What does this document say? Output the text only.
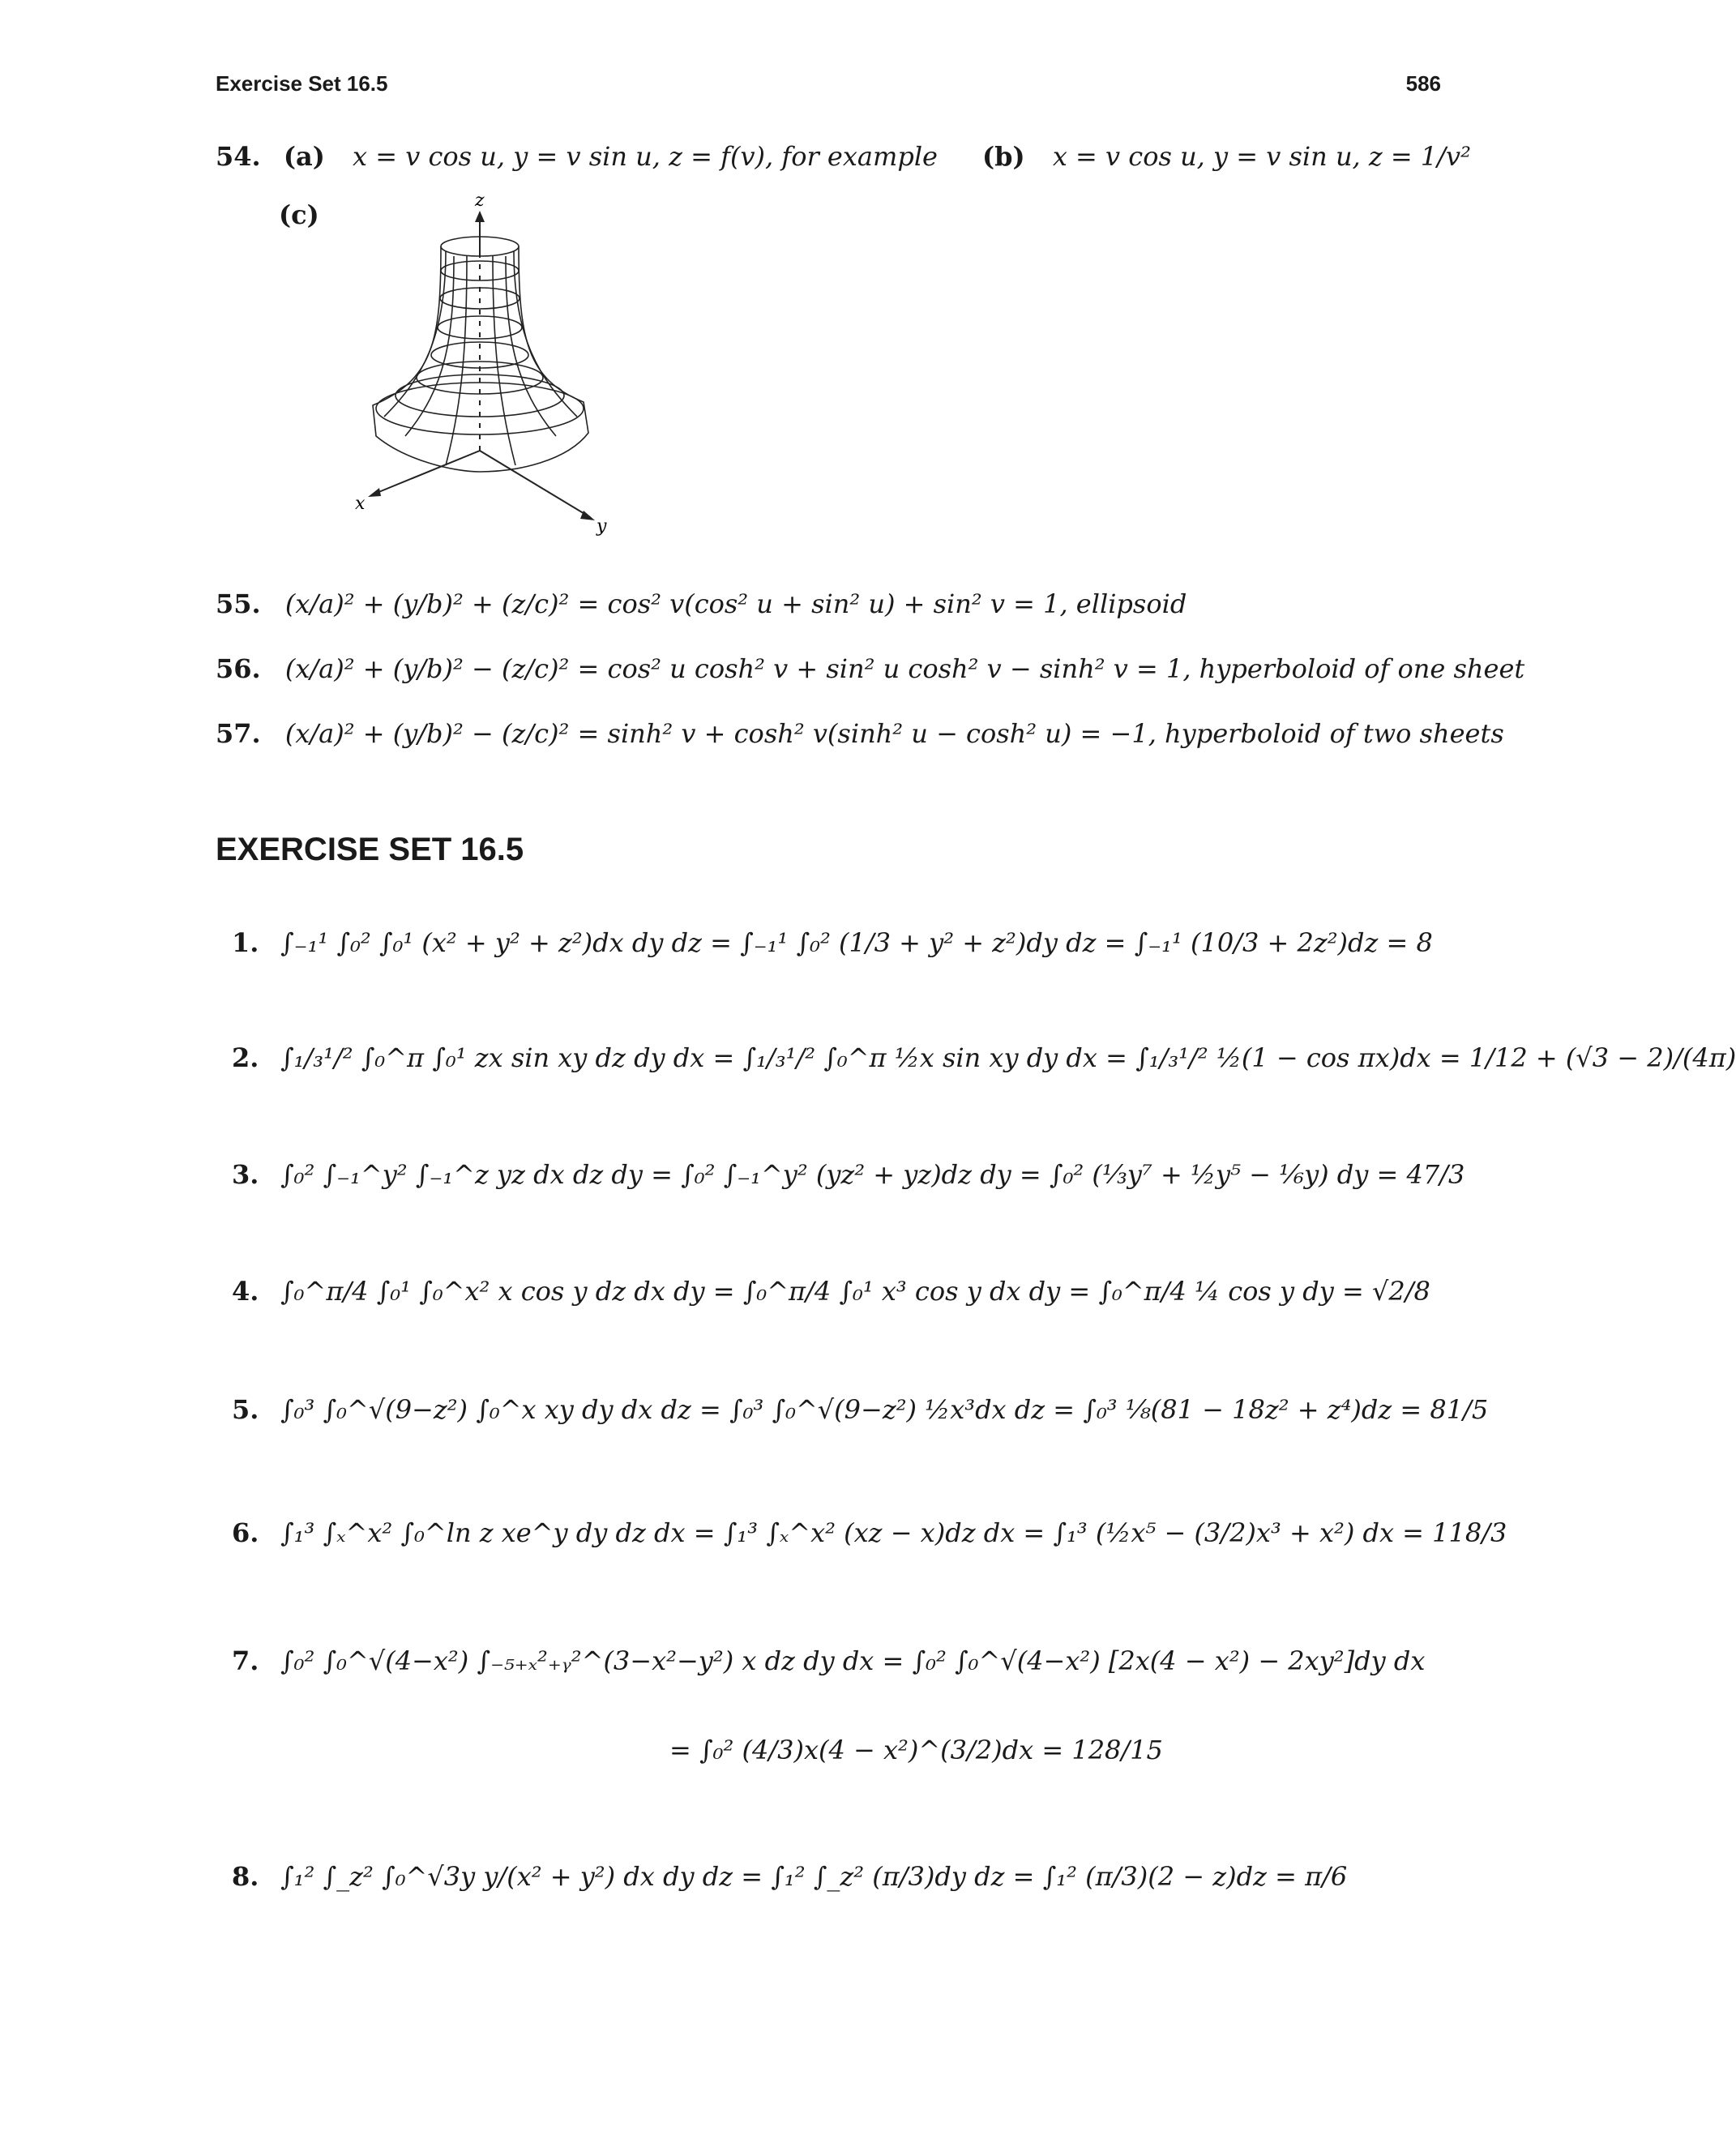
Exercise Set 16.5	586
54. (a) x = v cos u, y = v sin u, z = f(v), for example (b) x = v cos u, y = v sin u, z = 1/v²
(c)	z
x
y
55. (x/a)² + (y/b)² + (z/c)² = cos² v(cos² u + sin² u) + sin² v = 1, ellipsoid
56. (x/a)² + (y/b)² − (z/c)² = cos² u cosh² v + sin² u cosh² v − sinh² v = 1, hyperboloid of one sheet
57. (x/a)² + (y/b)² − (z/c)² = sinh² v + cosh² v(sinh² u − cosh² u) = −1, hyperboloid of two sheets
EXERCISE SET 16.5
1. ∫₋₁¹ ∫₀² ∫₀¹ (x² + y² + z²)dx dy dz = ∫₋₁¹ ∫₀² (1/3 + y² + z²)dy dz = ∫₋₁¹ (10/3 + 2z²)dz = 8
2. ∫₁/₃¹/² ∫₀^π ∫₀¹ zx sin xy dz dy dx = ∫₁/₃¹/² ∫₀^π ½x sin xy dy dx = ∫₁/₃¹/² ½(1 − cos πx)dx = 1/12 + (√3 − 2)/(4π)
3. ∫₀² ∫₋₁^y² ∫₋₁^z yz dx dz dy = ∫₀² ∫₋₁^y² (yz² + yz)dz dy = ∫₀² (⅓y⁷ + ½y⁵ − ⅙y) dy = 47/3
4. ∫₀^π/4 ∫₀¹ ∫₀^x² x cos y dz dx dy = ∫₀^π/4 ∫₀¹ x³ cos y dx dy = ∫₀^π/4 ¼ cos y dy = √2/8
5. ∫₀³ ∫₀^√(9−z²) ∫₀^x xy dy dx dz = ∫₀³ ∫₀^√(9−z²) ½x³dx dz = ∫₀³ ⅛(81 − 18z² + z⁴)dz = 81/5
6. ∫₁³ ∫ₓ^x² ∫₀^ln z xe^y dy dz dx = ∫₁³ ∫ₓ^x² (xz − x)dz dx = ∫₁³ (½x⁵ − (3/2)x³ + x²) dx = 118/3
7. ∫₀² ∫₀^√(4−x²) ∫₋₅₊ₓ²₊ᵧ²^(3−x²−y²) x dz dy dx = ∫₀² ∫₀^√(4−x²) [2x(4 − x²) − 2xy²]dy dx
= ∫₀² (4/3)x(4 − x²)^(3/2)dx = 128/15
8. ∫₁² ∫_z² ∫₀^√3y y/(x² + y²) dx dy dz = ∫₁² ∫_z² (π/3)dy dz = ∫₁² (π/3)(2 − z)dz = π/6
